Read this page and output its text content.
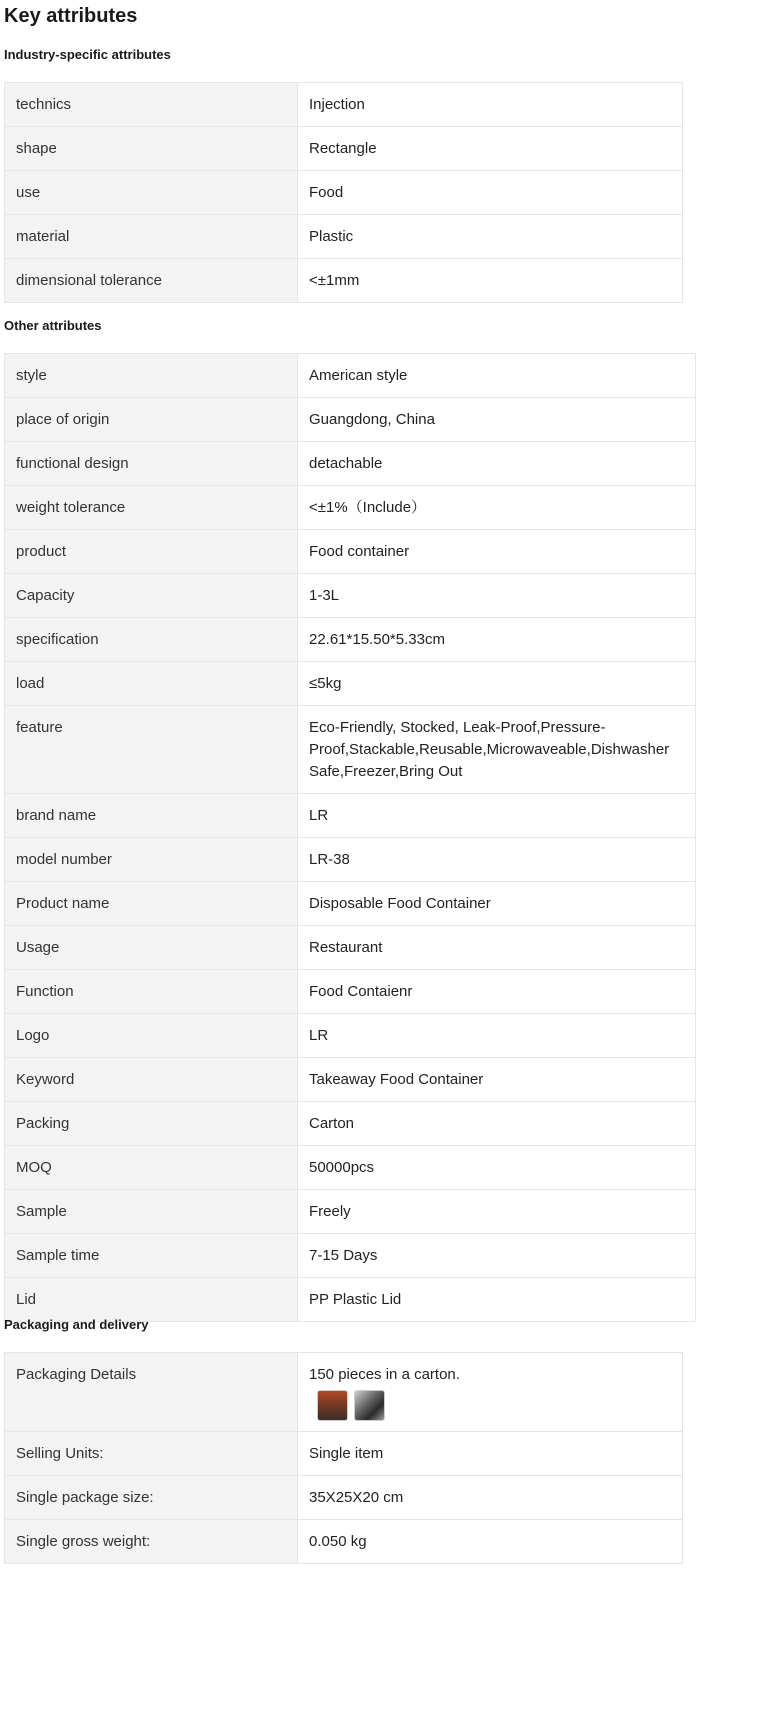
Key attributes
Industry-specific attributes
technics	Injection
shape	Rectangle
use	Food
material	Plastic
dimensional tolerance	<±1mm
Other attributes
style	American style
place of origin	Guangdong, China
functional design	detachable
weight tolerance	<±1%（Include）
product	Food container
Capacity	1-3L
specification	22.61*15.50*5.33cm
load	≤5kg
feature	Eco-Friendly, Stocked, Leak-Proof,Pressure-Proof,Stackable,Reusable,Microwaveable,Dishwasher Safe,Freezer,Bring Out
brand name	LR
model number	LR-38
Product name	Disposable Food Container
Usage	Restaurant
Function	Food Contaienr
Logo	LR
Keyword	Takeaway Food Container
Packing	Carton
MOQ	50000pcs
Sample	Freely
Sample time	7-15 Days
Lid	PP Plastic Lid
Packaging and delivery
Packaging Details	150 pieces in a carton.

Selling Units:	Single item
Single package size:	35X25X20 cm
Single gross weight:	0.050 kg
